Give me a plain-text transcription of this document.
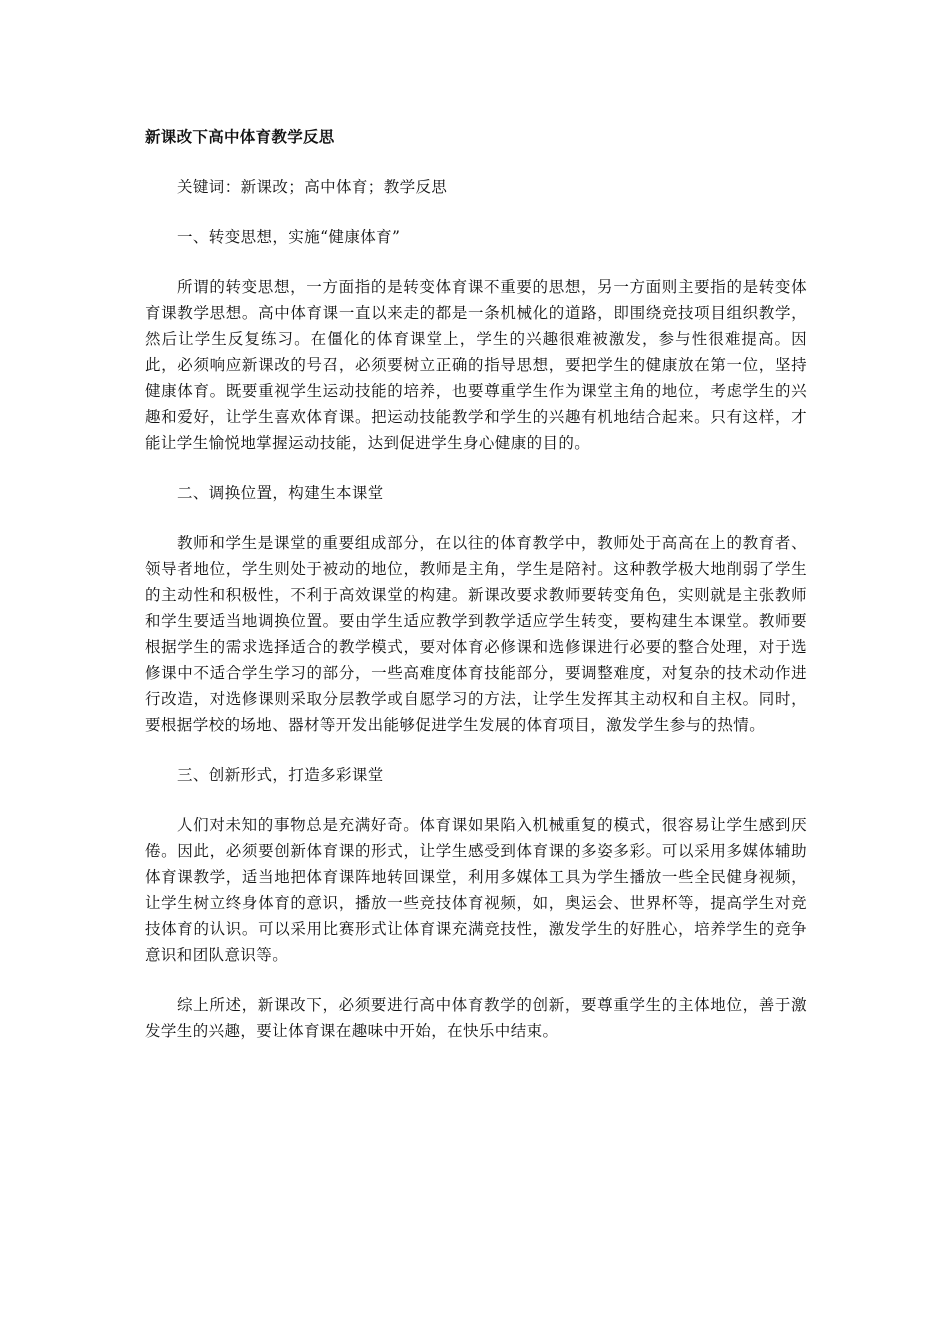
新课改下高中体育教学反思

关键词：新课改；高中体育；教学反思

一、转变思想，实施“健康体育”

所谓的转变思想，一方面指的是转变体育课不重要的思想，另一方面则主要指的是转变体育课教学思想。高中体育课一直以来走的都是一条机械化的道路，即围绕竞技项目组织教学，然后让学生反复练习。在僵化的体育课堂上，学生的兴趣很难被激发，参与性很难提高。因此，必须响应新课改的号召，必须要树立正确的指导思想，要把学生的健康放在第一位，坚持健康体育。既要重视学生运动技能的培养，也要尊重学生作为课堂主角的地位，考虑学生的兴趣和爱好，让学生喜欢体育课。把运动技能教学和学生的兴趣有机地结合起来。只有这样，才能让学生愉悦地掌握运动技能，达到促进学生身心健康的目的。

二、调换位置，构建生本课堂

教师和学生是课堂的重要组成部分，在以往的体育教学中，教师处于高高在上的教育者、领导者地位，学生则处于被动的地位，教师是主角，学生是陪衬。这种教学极大地削弱了学生的主动性和积极性，不利于高效课堂的构建。新课改要求教师要转变角色，实则就是主张教师和学生要适当地调换位置。要由学生适应教学到教学适应学生转变，要构建生本课堂。教师要根据学生的需求选择适合的教学模式，要对体育必修课和选修课进行必要的整合处理，对于选修课中不适合学生学习的部分，一些高难度体育技能部分，要调整难度，对复杂的技术动作进行改造，对选修课则采取分层教学或自愿学习的方法，让学生发挥其主动权和自主权。同时，要根据学校的场地、器材等开发出能够促进学生发展的体育项目，激发学生参与的热情。

三、创新形式，打造多彩课堂

人们对未知的事物总是充满好奇。体育课如果陷入机械重复的模式，很容易让学生感到厌倦。因此，必须要创新体育课的形式，让学生感受到体育课的多姿多彩。可以采用多媒体辅助体育课教学，适当地把体育课阵地转回课堂，利用多媒体工具为学生播放一些全民健身视频，让学生树立终身体育的意识，播放一些竞技体育视频，如，奥运会、世界杯等，提高学生对竞技体育的认识。可以采用比赛形式让体育课充满竞技性，激发学生的好胜心，培养学生的竞争意识和团队意识等。

综上所述，新课改下，必须要进行高中体育教学的创新，要尊重学生的主体地位，善于激发学生的兴趣，要让体育课在趣味中开始，在快乐中结束。
